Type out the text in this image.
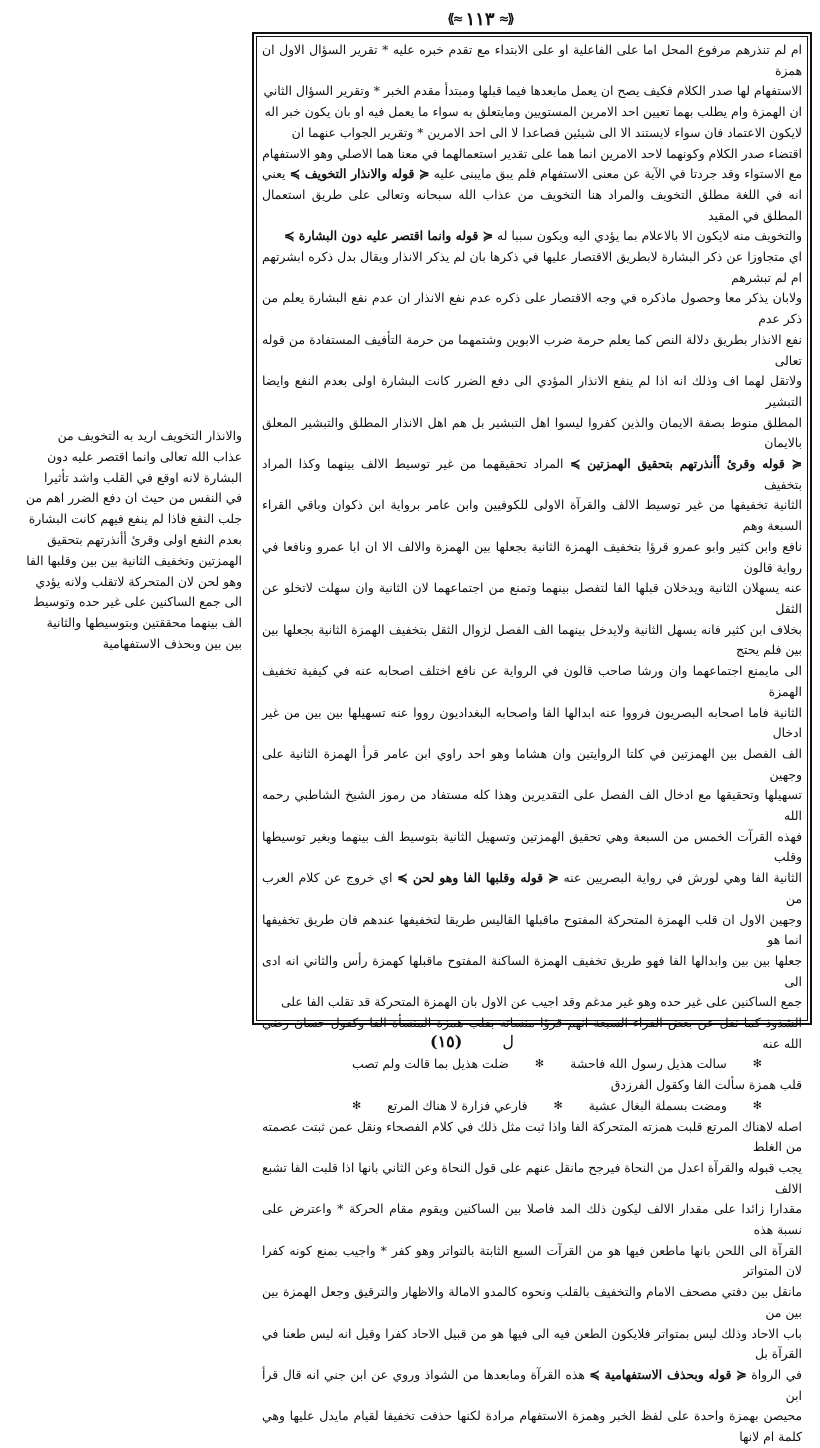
⟪≈ ١١٣ ≈⟫

ام لم تنذرهم مرفوع المحل اما على الفاعلية او على الابتداء مع تقدم خبره عليه * تقرير السؤال الاول ان همزة

الاستفهام لها صدر الكلام فكيف يصح ان يعمل مابعدها فيما قبلها ومبتدأ مقدم الخبر * وتقرير السؤال الثاني

ان الهمزة وام يطلب بهما تعيين احد الامرين المستويين ومايتعلق به سواء ما يعمل فيه او بان يكون خبر اله

لايكون الاعتماد فان سواء لايستند الا الى شيئين فصاعدا لا الى احد الامرين * وتقرير الجواب عنهما ان

اقتضاء صدر الكلام وكونهما لاحد الامرين انما هما على تقدير استعمالهما في معنا هما الاصلي وهو الاستفهام

مع الاستواء وقد جردتا في الآية عن معنى الاستفهام فلم يبق مايبنى عليه ≼ قوله والانذار التخويف ≽ يعني انه في اللغة مطلق التخويف والمراد هنا التخويف من عذاب الله سبحانه وتعالى على طريق استعمال المطلق في المقيد

والتخويف منه لايكون الا بالاعلام بما يؤدي اليه ويكون سببا له ≼ قوله وانما اقتصر عليه دون البشارة ≽

اي متجاوزا عن ذكر البشارة لابطريق الاقتصار عليها في ذكرها بان لم يذكر الانذار ويقال بدل ذكره ابشرتهم ام لم تبشرهم

ولابان يذكر معا وحصول ماذكره في وجه الاقتصار على ذكره عدم نفع الانذار ان عدم نفع البشارة يعلم من ذكر عدم

نفع الانذار بطريق دلالة النص كما يعلم حرمة ضرب الابوين وشتمهما من حرمة التأفيف المستفادة من قوله تعالى

ولاتقل لهما اف وذلك انه اذا لم ينفع الانذار المؤدي الى دفع الضرر كانت البشارة اولى بعدم النفع وايضا التبشير

المطلق منوط بصفة الايمان والذين كفروا ليسوا اهل التبشير بل هم اهل الانذار المطلق والتبشير المعلق بالايمان

≼ قوله وقرئ أأنذرتهم بتحقيق الهمزتين ≽ المراد تحقيقهما من غير توسيط الالف بينهما وكذا المراد بتخفيف

الثانية تخفيفها من غير توسيط الالف والقرآة الاولى للكوفيين وابن عامر برواية ابن ذكوان وباقي القراء السبعة وهم

نافع وابن كثير وابو عمرو قرؤا بتخفيف الهمزة الثانية بجعلها بين الهمزة والالف الا ان ابا عمرو ونافعا في رواية قالون

عنه يسهلان الثانية ويدخلان قبلها الفا لتفصل بينهما وتمنع من اجتماعهما لان الثانية وان سهلت لاتخلو عن الثقل

بخلاف ابن كثير فانه يسهل الثانية ولايدخل بينهما الف الفصل لزوال الثقل بتخفيف الهمزة الثانية بجعلها بين بين فلم يحتج

الى مايمنع اجتماعهما وان ورشا صاحب قالون في الرواية عن نافع اختلف اصحابه عنه في كيفية تخفيف الهمزة

الثانية فاما اصحابه البصريون فرووا عنه ابدالها الفا واصحابه البغداديون رووا عنه تسهيلها بين بين من غير ادخال

الف الفصل بين الهمزتين في كلتا الروايتين وان هشاما وهو احد راوي ابن عامر قرأ الهمزة الثانية على وجهين

تسهيلها وتحقيقها مع ادخال الف الفصل على التقديرين وهذا كله مستفاد من رموز الشيخ الشاطبي رحمه الله

فهذه القرآت الخمس من السبعة وهي تحقيق الهمزتين وتسهيل الثانية بتوسيط الف بينهما وبغير توسيطها وقلب

الثانية الفا وهي لورش في رواية البصريين عنه ≼ قوله وقلبها الفا وهو لحن ≽ اي خروج عن كلام العرب من

وجهين الاول ان قلب الهمزة المتحركة المفتوح ماقبلها القاليس طريقا لتخفيفها عندهم فان طريق تخفيفها انما هو

جعلها بين بين وابدالها الفا فهو طريق تخفيف الهمزة الساكنة المفتوح ماقبلها كهمزة رأس والثاني انه ادى الى

جمع الساكنين على غير حده وهو غير مدغم وقد اجيب عن الاول بان الهمزة المتحركة قد تقلب الفا على

الشذوذ كما نقل عن بعض القراء السبعة انهم قرؤا منساته بقلب همزة المنسأة الفا وكقول حسان رضي الله عنه

✻
سالت هذيل رسول الله فاحشة
✻
ضلت هذيل بما قالت ولم تصب

قلب همزة سألت الفا وكقول الفرزدق

✻
ومضت بسملة البغال عشية
✻
فارعي فزارة لا هناك المرتع
✻

اصله لاهناك المرتع قلبت همزته المتحركة الفا واذا ثبت مثل ذلك في كلام الفصحاء ونقل عمن ثبتت عصمته من الغلط

يجب قبوله والقرآة اعدل من النحاة فيرجح مانقل عنهم على قول النحاة وعن الثاني بانها اذا قلبت الفا تشبع الالف

مقدارا زائدا على مقدار الالف ليكون ذلك المد فاصلا بين الساكنين ويقوم مقام الحركة * واعترض على نسبة هذه

القرآة الى اللحن بانها ماطعن فيها هو من القرآت السبع الثابتة بالتواتر وهو كفر * واجيب بمنع كونه كفرا لان المتواتر

مانقل بين دفتي مصحف الامام والتخفيف بالقلب ونحوه كالمدو الامالة والاظهار والترقيق وجعل الهمزة بين بين من

باب الاحاد وذلك ليس بمتواتر فلايكون الطعن فيه الى فيها هو من قبيل الاحاد كفرا وقيل انه ليس طعنا في القرآة بل

في الرواة ≼ قوله وبحذف الاستفهامية ≽ هذه القرآة ومابعدها من الشواذ وروي عن ابن جني انه قال قرأ ابن

محيصن بهمزة واحدة على لفظ الخبر وهمزة الاستفهام مرادة لكنها حذفت تخفيفا لقيام مايدل عليها وهي كلمة ام لانها

والانذار التخويف اريد به التخويف من

عذاب الله تعالى وانما اقتصر عليه دون

البشارة لانه اوقع في القلب واشد تأثيرا

في النفس من حيث ان دفع الضرر اهم من

جلب النفع فاذا لم ينفع فيهم كانت البشارة

بعدم النفع اولى وقرئ أأنذرتهم بتحقيق

الهمزتين وتخفيف الثانية بين بين وقلبها الفا

وهو لحن لان المتحركة لاتقلب ولانه يؤدي

الى جمع الساكنين على غير حده وتوسيط

الف بينهما محققتين وبتوسيطها والثانية

بين بين وبحذف الاستفهامية

(١٥)	ل
